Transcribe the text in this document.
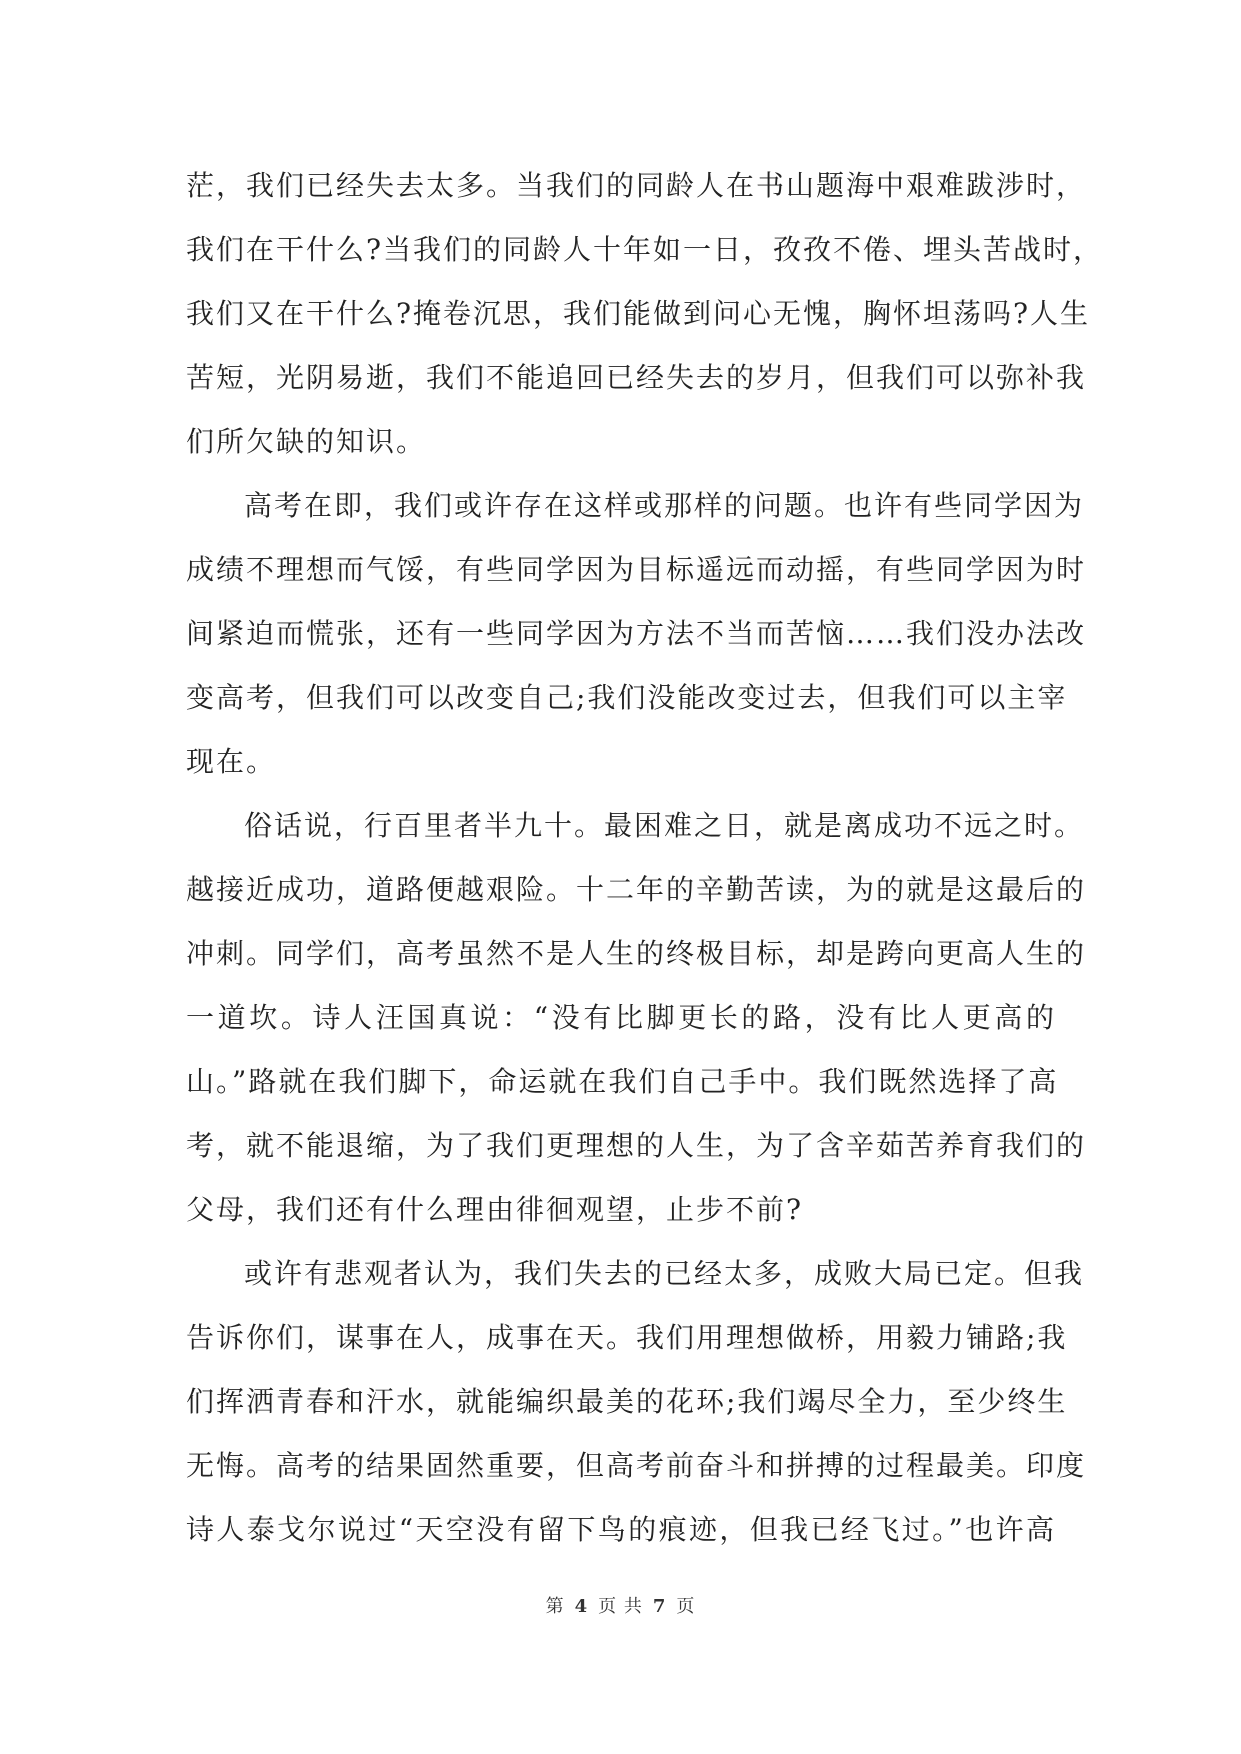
茫，我们已经失去太多。当我们的同龄人在书山题海中艰难跋涉时，
我们在干什么?当我们的同龄人十年如一日，孜孜不倦、埋头苦战时，
我们又在干什么?掩卷沉思，我们能做到问心无愧，胸怀坦荡吗?人生
苦短，光阴易逝，我们不能追回已经失去的岁月，但我们可以弥补我
们所欠缺的知识。
高考在即，我们或许存在这样或那样的问题。也许有些同学因为
成绩不理想而气馁，有些同学因为目标遥远而动摇，有些同学因为时
间紧迫而慌张，还有一些同学因为方法不当而苦恼……我们没办法改
变高考，但我们可以改变自己;我们没能改变过去，但我们可以主宰
现在。
俗话说，行百里者半九十。最困难之日，就是离成功不远之时。
越接近成功，道路便越艰险。十二年的辛勤苦读，为的就是这最后的
冲刺。同学们，高考虽然不是人生的终极目标，却是跨向更高人生的
一道坎。诗人汪国真说：“没有比脚更长的路，没有比人更高的
山。”路就在我们脚下，命运就在我们自己手中。我们既然选择了高
考，就不能退缩，为了我们更理想的人生，为了含辛茹苦养育我们的
父母，我们还有什么理由徘徊观望，止步不前?
或许有悲观者认为，我们失去的已经太多，成败大局已定。但我
告诉你们，谋事在人，成事在天。我们用理想做桥，用毅力铺路;我
们挥洒青春和汗水，就能编织最美的花环;我们竭尽全力，至少终生
无悔。高考的结果固然重要，但高考前奋斗和拼搏的过程最美。印度
诗人泰戈尔说过“天空没有留下鸟的痕迹，但我已经飞过。”也许高
第 4 页 共 7 页
